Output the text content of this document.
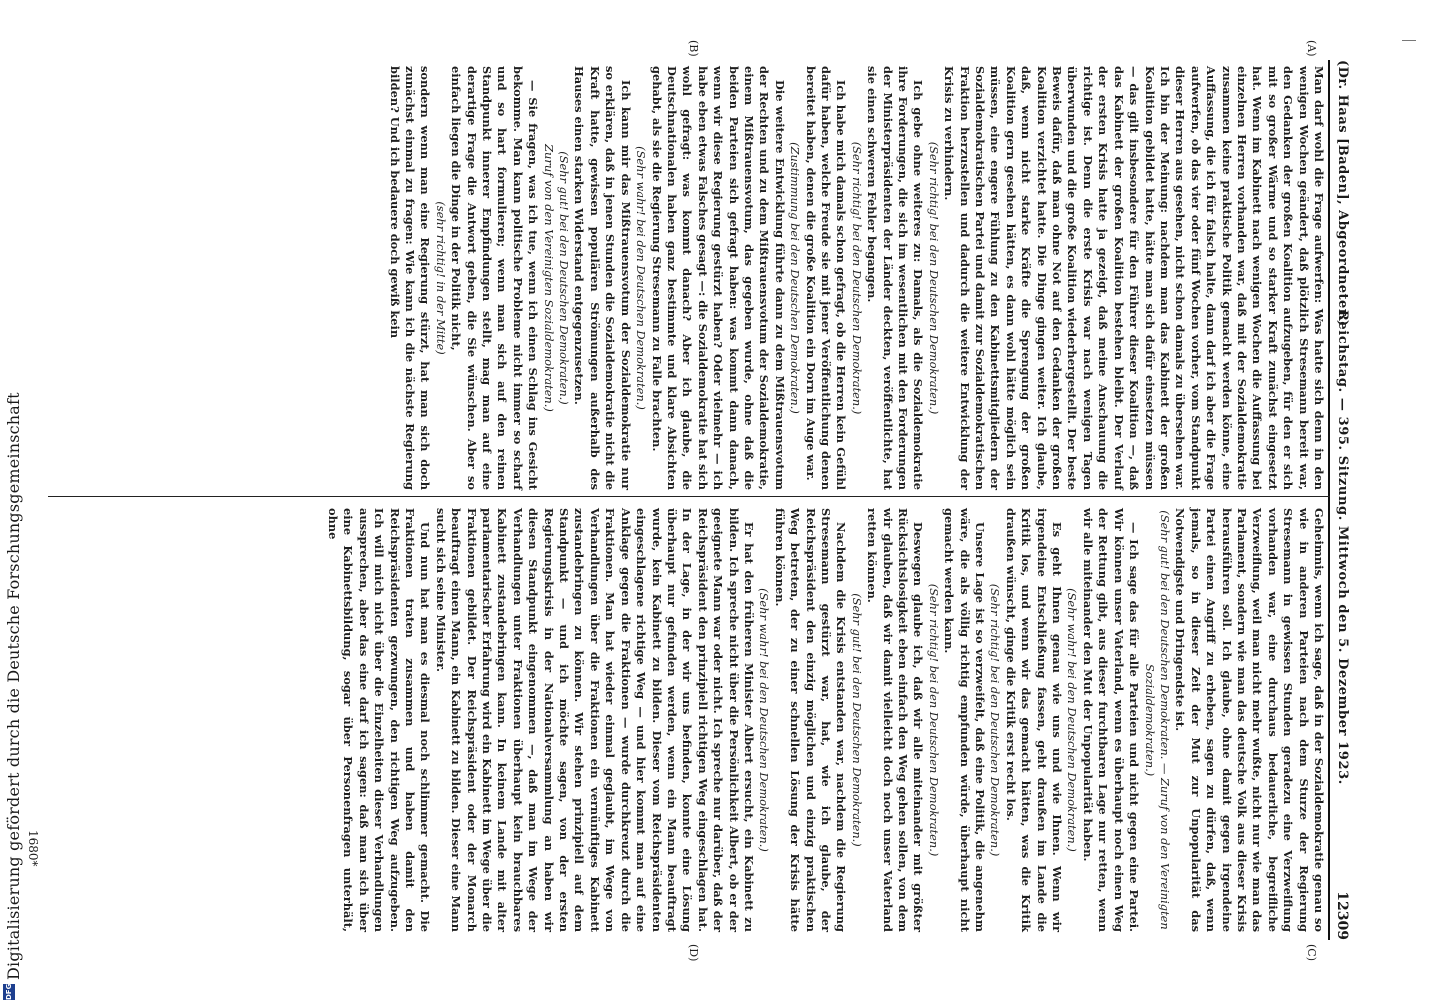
DFG
Digitalisierung gefördert durch die Deutsche Forschungsgemeinschaft
(Dr. Haas [Baden], Abgeordneter.)
Reichstag. — 395. Sitzung. Mittwoch den 5. Dezember 1923.
12309
(A)
(B)
(C)
(D)

Man darf wohl die Frage aufwerfen: Was hatte sich denn in den wenigen Wochen geändert, daß plötzlich Stresemann bereit war, den Gedanken der großen Koalition aufzugeben, für den er sich mit so großer Wärme und so starker Kraft zunächst eingesetzt hat. Wenn im Kabinett nach wenigen Wochen die Auffassung bei einzelnen Herren vorhanden war, daß mit der Sozialdemokratie zusammen keine praktische Politik gemacht werden könne, eine Auffassung, die ich für falsch halte, dann darf ich aber die Frage aufwerfen, ob das vier oder fünf Wochen vorher, vom Standpunkt dieser Herren aus gesehen, nicht schon damals zu übersehen war. Ich bin der Meinung: nachdem man das Kabinett der großen Koalition gebildet hatte, hätte man sich dafür einsetzen müssen — das gilt insbesondere für den Führer dieser Koalition —, daß das Kabinett der großen Koalition bestehen bleibt. Der Verlauf der ersten Krisis hatte ja gezeigt, daß meine Anschauung die richtige ist. Denn die erste Krisis war nach wenigen Tagen überwunden und die große Koalition wiederhergestellt. Der beste Beweis dafür, daß man ohne Not auf den Gedanken der großen Koalition verzichtet hatte. Die Dinge gingen weiter. Ich glaube, daß, wenn nicht starke Kräfte die Sprengung der großen Koalition gern gesehen hätten, es dann wohl hätte möglich sein müssen, eine engere Fühlung zu den Kabinettsmitgliedern der Sozialdemokratischen Partei und damit zur Sozialdemokratischen Fraktion herzustellen und dadurch die weitere Entwicklung der Krisis zu verhindern.

(Sehr richtig! bei den Deutschen Demokraten.)

Ich gebe ohne weiteres zu: Damals, als die Sozialdemokratie ihre Forderungen, die sich im wesentlichen mit den Forderungen der Ministerpräsidenten der Länder deckten, veröffentlichte, hat sie einen schweren Fehler begangen.

(Sehr richtig! bei den Deutschen Demokraten.)

Ich habe mich damals schon gefragt, ob die Herren kein Gefühl dafür haben, welche Freude sie mit jener Veröffentlichung denen bereitet haben, denen die große Koalition ein Dorn im Auge war.

(Zustimmung bei den Deutschen Demokraten.)

Die weitere Entwicklung führte dann zu dem Mißtrauensvotum der Rechten und zu dem Mißtrauensvotum der Sozialdemokratie, einem Mißtrauensvotum, das gegeben wurde, ohne daß die beiden Parteien sich gefragt haben: was kommt dann danach, wenn wir diese Regierung gestürzt haben? Oder vielmehr — ich habe eben etwas Falsches gesagt —: die Sozialdemokratie hat sich wohl gefragt: was kommt danach? Aber ich glaube, die Deutschnationalen haben ganz bestimmte und klare Absichten gehabt, als sie die Regierung Stresemann zu Falle brachten.

(Sehr wahr! bei den Deutschen Demokraten.)

Ich kann mir das Mißtrauensvotum der Sozialdemokratie nur so erklären, daß in jenen Stunden die Sozialdemokratie nicht die Kraft hatte, gewissen populären Strömungen außerhalb des Hauses einen starken Widerstand entgegenzusetzen.

(Sehr gut! bei den Deutschen Demokraten.)

Zuruf von den Vereinigten Sozialdemokraten.)

— Sie fragen, was ich tue, wenn ich einen Schlag ins Gesicht bekomme. Man kann politische Probleme nicht immer so scharf und so hart formulieren; wenn man sich auf den reinen Standpunkt innerer Empfindungen stellt, mag man auf eine derartige Frage die Antwort geben, die Sie wünschen. Aber so einfach liegen die Dinge in der Politik nicht,

(sehr richtig! in der Mitte)

sondern wenn man eine Regierung stürzt, hat man sich doch zunächst einmal zu fragen: Wie kann ich die nächste Regierung bilden? Und ich bedauere doch gewiß kein

Geheimnis, wenn ich sage, daß in der Sozialdemokratie genau so wie in anderen Parteien nach dem Sturze der Regierung Stresemann in gewissen Stunden geradezu eine Verzweiflung vorhanden war, eine durchaus bedauerliche, begreifliche Verzweiflung, weil man nicht mehr wußte, nicht nur wie man das Parlament, sondern wie man das deutsche Volk aus dieser Krisis herausführen soll. Ich glaube, ohne damit gegen irgendeine Partei einen Angriff zu erheben, sagen zu dürfen, daß, wenn jemals, so in dieser Zeit der Mut zur Unpopularität das Notwendigste und Dringendste ist.

(Sehr gut! bei den Deutschen Demokraten. — Zuruf von den Vereinigten Sozialdemokraten.)

— Ich sage das für alle Parteien und nicht gegen eine Partei. Wir können unser Vaterland, wenn es überhaupt noch einen Weg der Rettung gibt, aus dieser furchtbaren Lage nur retten, wenn wir alle miteinander den Mut der Unpopularität haben.

(Sehr wahr! bei den Deutschen Demokraten.)

Es geht Ihnen genau wie uns und wie Ihnen. Wenn wir irgendeine Entschließung fassen, geht draußen im Lande die Kritik los, und wenn wir das gemacht hätten, was die Kritik draußen wünscht, ginge die Kritik erst recht los.

(Sehr richtig! bei den Deutschen Demokraten.)

Unsere Lage ist so verzweifelt, daß eine Politik, die angenehm wäre, die als völlig richtig empfunden würde, überhaupt nicht gemacht werden kann.

(Sehr richtig! bei den Deutschen Demokraten.)

Deswegen glaube ich, daß wir alle miteinander mit größter Rücksichtslosigkeit eben einfach den Weg gehen sollen, von dem wir glauben, daß wir damit vielleicht doch noch unser Vaterland retten können.

(Sehr gut! bei den Deutschen Demokraten.)

Nachdem die Krisis entstanden war, nachdem die Regierung Stresemann gestürzt war, hat, wie ich glaube, der Reichspräsident den einzig möglichen und einzig praktischen Weg betreten, der zu einer schnellen Lösung der Krisis hätte führen können.

(Sehr wahr! bei den Deutschen Demokraten.)

Er hat den früheren Minister Albert ersucht, ein Kabinett zu bilden. Ich spreche nicht über die Persönlichkeit Albert, ob er der geeignete Mann war oder nicht. Ich spreche nur darüber, daß der Reichspräsident den prinzipiell richtigen Weg eingeschlagen hat. In der Lage, in der wir uns befinden, konnte eine Lösung überhaupt nur gefunden werden, wenn ein Mann beauftragt wurde, kein Kabinett zu bilden. Dieser vom Reichspräsidenten eingeschlagene richtige Weg — und hier kommt man auf eine Anklage gegen die Fraktionen — wurde durchkreuzt durch die Fraktionen. Man hat wieder einmal geglaubt, im Wege von Verhandlungen über die Fraktionen ein vernünftiges Kabinett zustandebringen zu können. Wir stehen prinzipiell auf dem Standpunkt — und ich möchte sagen, von der ersten Regierungskrisis in der Nationalversammlung an haben wir diesen Standpunkt eingenommen —, daß man im Wege der Verhandlungen unter Fraktionen überhaupt kein brauchbares Kabinett zustandebringen kann. In keinem Lande mit alter parlamentarischer Erfahrung wird ein Kabinett im Wege über die Fraktionen gebildet. Der Reichspräsident oder der Monarch beauftragt einen Mann, ein Kabinett zu bilden. Dieser eine Mann sucht sich seine Minister.

Und nun hat man es diesmal noch schlimmer gemacht. Die Fraktionen traten zusammen und haben damit den Reichspräsidenten gezwungen, den richtigen Weg aufzugeben. Ich will mich nicht über die Einzelheiten dieser Verhandlungen aussprechen, aber das eine darf ich sagen: daß man sich über eine Kabinettsbildung, sogar über Personenfragen unterhält, ohne

1680*
